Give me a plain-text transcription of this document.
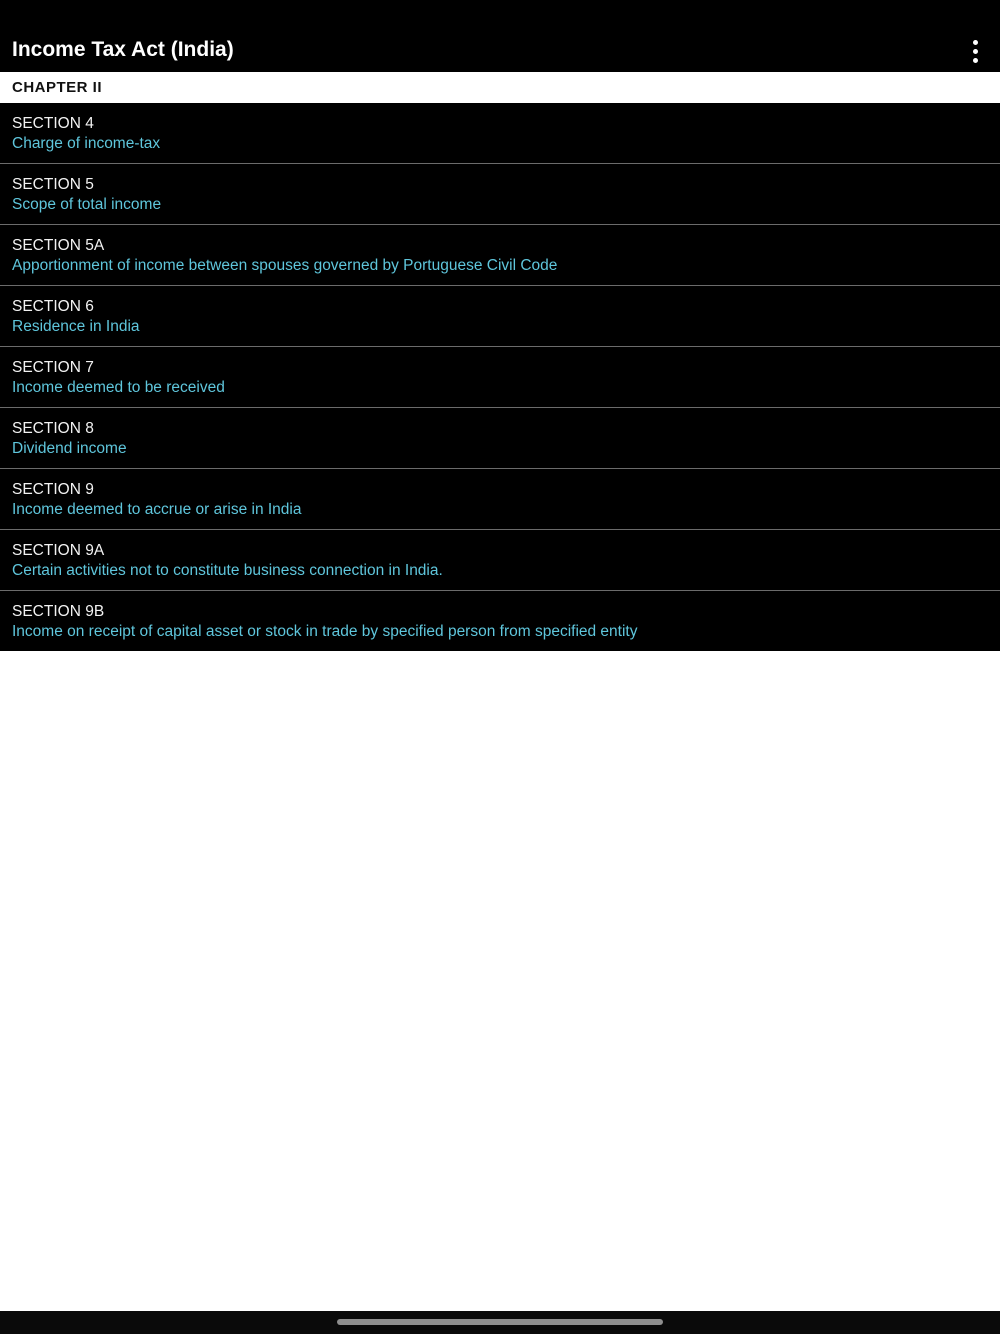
Income Tax Act (India)
CHAPTER II
SECTION 4
Charge of income-tax
SECTION 5
Scope of total income
SECTION 5A
Apportionment of income between spouses governed by Portuguese Civil Code
SECTION 6
Residence in India
SECTION 7
Income deemed to be received
SECTION 8
Dividend income
SECTION 9
Income deemed to accrue or arise in India
SECTION 9A
Certain activities not to constitute business connection in India.
SECTION 9B
Income on receipt of capital asset or stock in trade by specified person from specified entity
